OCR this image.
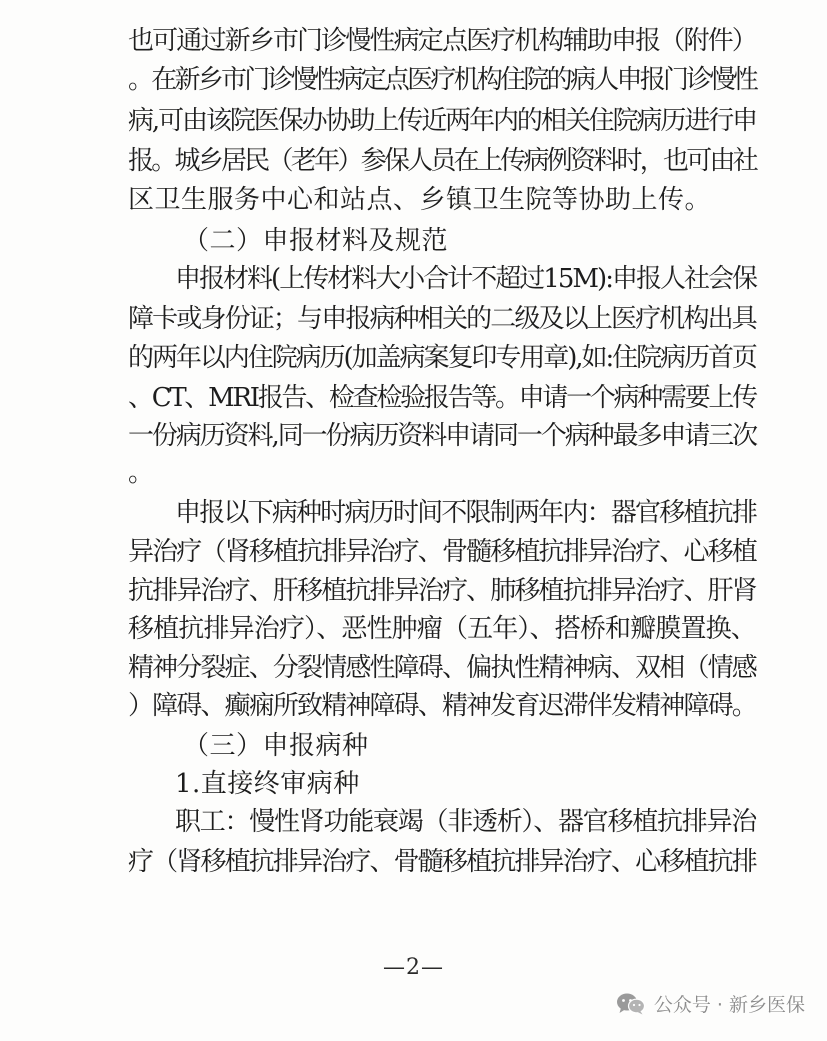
也可通过新乡市门诊慢性病定点医疗机构辅助申报（附件）
。在新乡市门诊慢性病定点医疗机构住院的病人申报门诊慢性
病,可由该院医保办协助上传近两年内的相关住院病历进行申
报。城乡居民（老年）参保人员在上传病例资料时，也可由社
区卫生服务中心和站点、乡镇卫生院等协助上传。
（二）申报材料及规范
申报材料(上传材料大小合计不超过15M):申报人社会保
障卡或身份证；与申报病种相关的二级及以上医疗机构出具
的两年以内住院病历(加盖病案复印专用章),如:住院病历首页
、CT、MRI报告、检查检验报告等。申请一个病种需要上传
一份病历资料,同一份病历资料申请同一个病种最多申请三次
。
申报以下病种时病历时间不限制两年内：器官移植抗排
异治疗（肾移植抗排异治疗、骨髓移植抗排异治疗、心移植
抗排异治疗、肝移植抗排异治疗、肺移植抗排异治疗、肝肾
移植抗排异治疗）、恶性肿瘤（五年）、搭桥和瓣膜置换、
精神分裂症、分裂情感性障碍、偏执性精神病、双相（情感
）障碍、癫痫所致精神障碍、精神发育迟滞伴发精神障碍。
（三）申报病种
1.直接终审病种
职工：慢性肾功能衰竭（非透析）、器官移植抗排异治
疗（肾移植抗排异治疗、骨髓移植抗排异治疗、心移植抗排
—2—
公众号 · 新乡医保
